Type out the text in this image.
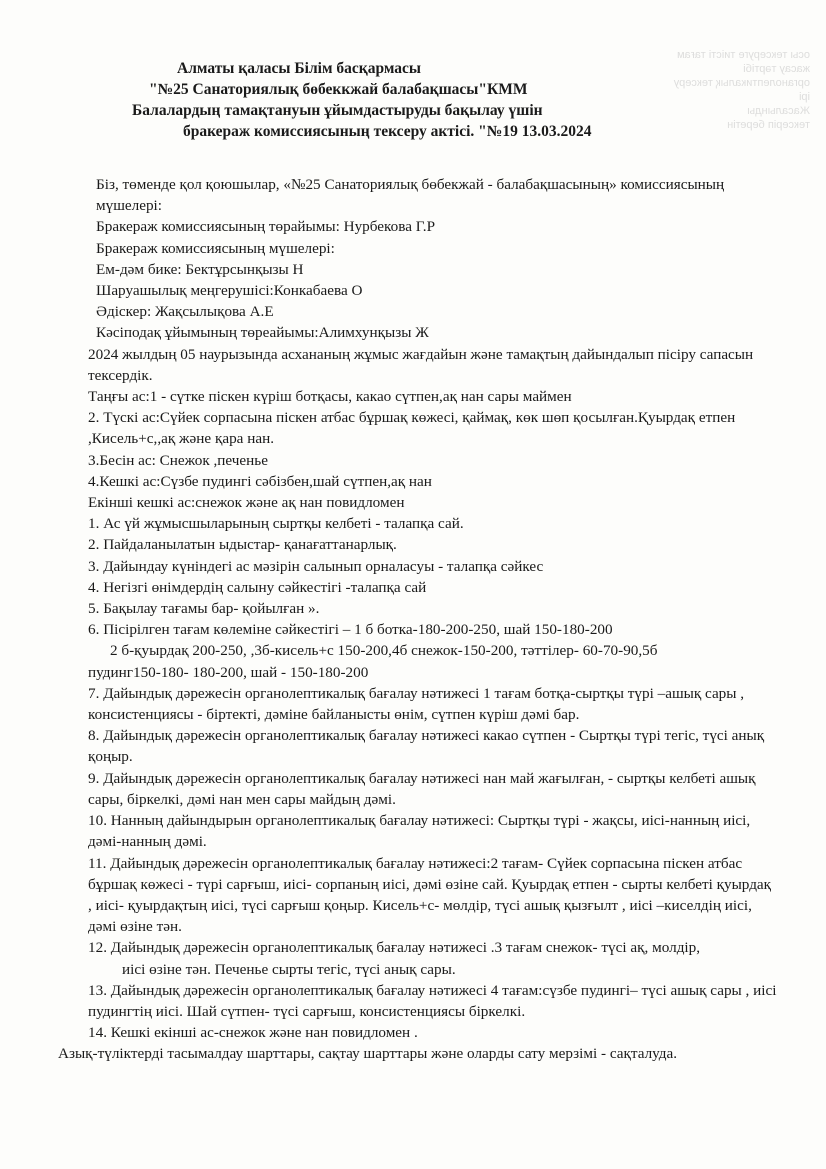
осы тексеруге тиісті тағам
жасау тәртібі
органолептикалық тексеру
ірі
Жасалынды
тексеріп беретін
Алматы қаласы Білім басқармасы
"№25 Санаториялық бөбеккжай балабақшасы"КММ
Балалардың тамақтануын ұйымдастыруды бақылау үшін
бракераж комиссиясының тексеру актісі. "№19 13.03.2024

Біз, төменде қол қоюшылар, «№25 Санаториялық бөбекжай - балабақшасының» комиссиясының мүшелері:

Бракераж комиссиясының төрайымы: Нурбекова Г.Р

Бракераж комиссиясының мүшелері:

Ем-дәм бике: Бектұрсынқызы Н

Шаруашылық меңгерушісі:Конкабаева О

Әдіскер: Жақсылықова А.Е

Кәсіподақ ұйымының төреайымы:Алимхунқызы Ж

2024 жылдың 05 наурызында асхананың жұмыс жағдайын және тамақтың дайындалып пісіру сапасын тексердік.

Таңғы ас:1 - сүтке піскен күріш ботқасы, какао сүтпен,ақ нан сары маймен

2. Түскі ас:Сүйек сорпасына піскен атбас бұршақ көжесі, қаймақ, көк шөп қосылған.Қуырдақ етпен ,Кисель+с,,ақ және қара нан.

3.Бесін ас: Снежок ,печенье

4.Кешкі ас:Сүзбе пудингі сәбізбен,шай сүтпен,ақ нан

Екінші кешкі ас:снежок және ақ нан повидломен

1. Ас үй жұмысшыларының сыртқы келбеті - талапқа сай.

2. Пайдаланылатын ыдыстар- қанағаттанарлық.

3. Дайындау күніндегі ас мәзірін салынып орналасуы - талапқа сәйкес

4. Негізгі өнімдердің салыну сәйкестігі -талапқа сай

5. Бақылау тағамы бар- қойылған ».

6. Пісірілген тағам көлеміне сәйкестігі – 1 б ботка-180-200-250, шай 150-180-200

2 б-қуырдақ 200-250, ,3б-кисель+с 150-200,4б снежок-150-200, тәттілер- 60-70-90,5б

пудинг150-180- 180-200, шай - 150-180-200

7. Дайындық дәрежесін органолептикалық бағалау нәтижесі 1 тағам ботқа-сыртқы түрі –ашық сары , консистенциясы - біртекті, дәміне байланысты өнім, сүтпен күріш дәмі бар.

8. Дайындық дәрежесін органолептикалық бағалау нәтижесі какао сүтпен - Сыртқы түрі тегіс, түсі анық қоңыр.

9. Дайындық дәрежесін органолептикалық бағалау нәтижесі нан май жағылған, - сыртқы келбеті ашық сары, біркелкі, дәмі нан мен сары майдың дәмі.

10. Нанның дайындырын органолептикалық бағалау нәтижесі: Сыртқы түрі - жақсы, иісі-нанның иісі, дәмі-нанның дәмі.

11. Дайындық дәрежесін органолептикалық бағалау нәтижесі:2 тағам- Сүйек сорпасына піскен атбас бұршақ көжесі - түрі сарғыш, иісі- сорпаның иісі, дәмі өзіне сай. Қуырдақ етпен - сырты келбеті қуырдақ , иісі- қуырдақтың иісі, түсі сарғыш қоңыр. Кисель+с- мөлдір, түсі ашық қызғылт , иісі –киселдің иісі, дәмі өзіне тән.

12. Дайындық дәрежесін органолептикалық бағалау нәтижесі .3 тағам снежок- түсі ақ, молдір,

иісі өзіне тән. Печенье сырты тегіс, түсі анық сары.

13. Дайындық дәрежесін органолептикалық бағалау нәтижесі 4 тағам:сүзбе пудингі– түсі ашық сары , иісі пудингтің иісі. Шай сүтпен- түсі сарғыш, консистенциясы біркелкі.

14. Кешкі екінші ас-снежок және нан повидломен .

Азық-түліктерді тасымалдау шарттары, сақтау шарттары және оларды сату мерзімі - сақталуда.
